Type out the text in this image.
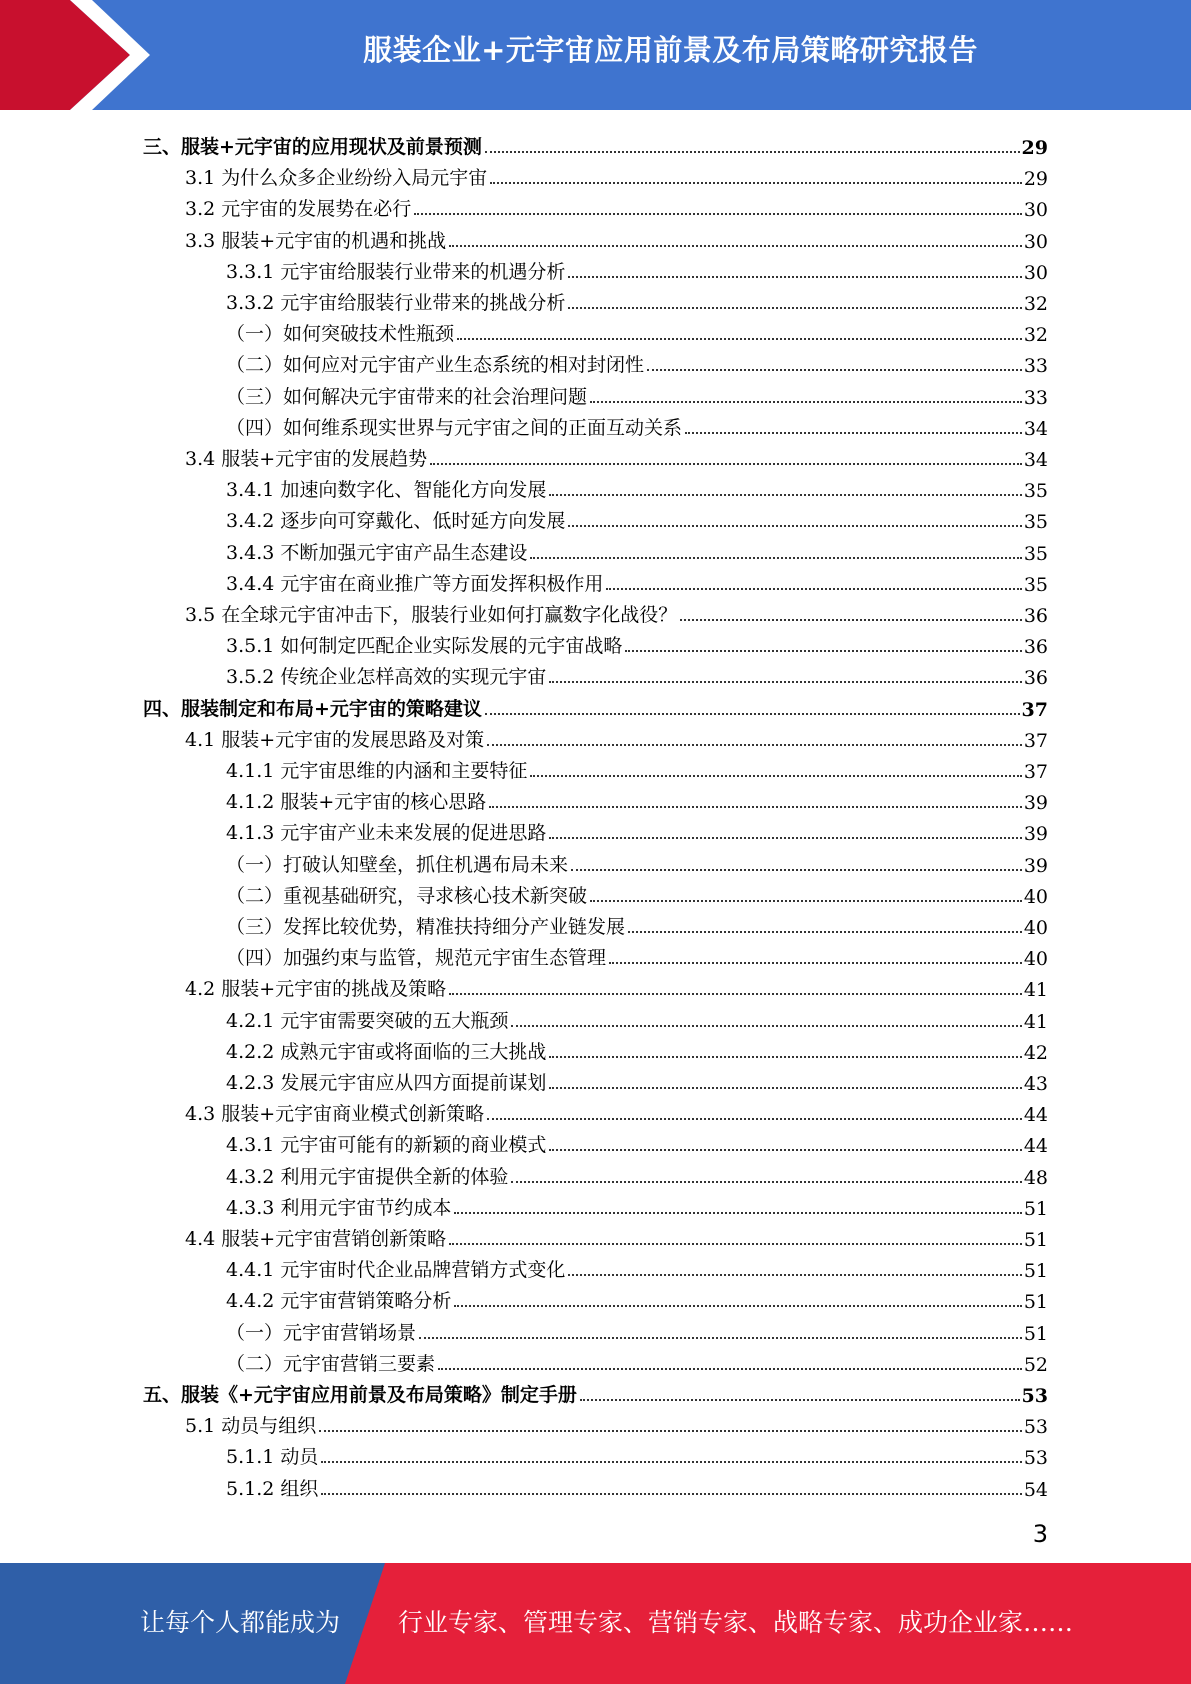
服装企业+元宇宙应用前景及布局策略研究报告
三、服装+元宇宙的应用现状及前景预测	29
3.1 为什么众多企业纷纷入局元宇宙	29
3.2 元宇宙的发展势在必行	30
3.3 服装+元宇宙的机遇和挑战	30
3.3.1 元宇宙给服装行业带来的机遇分析	30
3.3.2 元宇宙给服装行业带来的挑战分析	32
（一）如何突破技术性瓶颈	32
（二）如何应对元宇宙产业生态系统的相对封闭性	33
（三）如何解决元宇宙带来的社会治理问题	33
（四）如何维系现实世界与元宇宙之间的正面互动关系	34
3.4 服装+元宇宙的发展趋势	34
3.4.1 加速向数字化、智能化方向发展	35
3.4.2 逐步向可穿戴化、低时延方向发展	35
3.4.3 不断加强元宇宙产品生态建设	35
3.4.4 元宇宙在商业推广等方面发挥积极作用	35
3.5 在全球元宇宙冲击下，服装行业如何打赢数字化战役？	36
3.5.1 如何制定匹配企业实际发展的元宇宙战略	36
3.5.2 传统企业怎样高效的实现元宇宙	36
四、服装制定和布局+元宇宙的策略建议	37
4.1 服装+元宇宙的发展思路及对策	37
4.1.1 元宇宙思维的内涵和主要特征	37
4.1.2 服装+元宇宙的核心思路	39
4.1.3 元宇宙产业未来发展的促进思路	39
（一）打破认知壁垒，抓住机遇布局未来	39
（二）重视基础研究，寻求核心技术新突破	40
（三）发挥比较优势，精准扶持细分产业链发展	40
（四）加强约束与监管，规范元宇宙生态管理	40
4.2 服装+元宇宙的挑战及策略	41
4.2.1 元宇宙需要突破的五大瓶颈	41
4.2.2 成熟元宇宙或将面临的三大挑战	42
4.2.3 发展元宇宙应从四方面提前谋划	43
4.3 服装+元宇宙商业模式创新策略	44
4.3.1 元宇宙可能有的新颖的商业模式	44
4.3.2 利用元宇宙提供全新的体验	48
4.3.3 利用元宇宙节约成本	51
4.4 服装+元宇宙营销创新策略	51
4.4.1 元宇宙时代企业品牌营销方式变化	51
4.4.2 元宇宙营销策略分析	51
（一）元宇宙营销场景	51
（二）元宇宙营销三要素	52
五、服装《+元宇宙应用前景及布局策略》制定手册	53
5.1 动员与组织	53
5.1.1 动员	53
5.1.2 组织	54
3
让每个人都能成为 行业专家、管理专家、营销专家、战略专家、成功企业家……
